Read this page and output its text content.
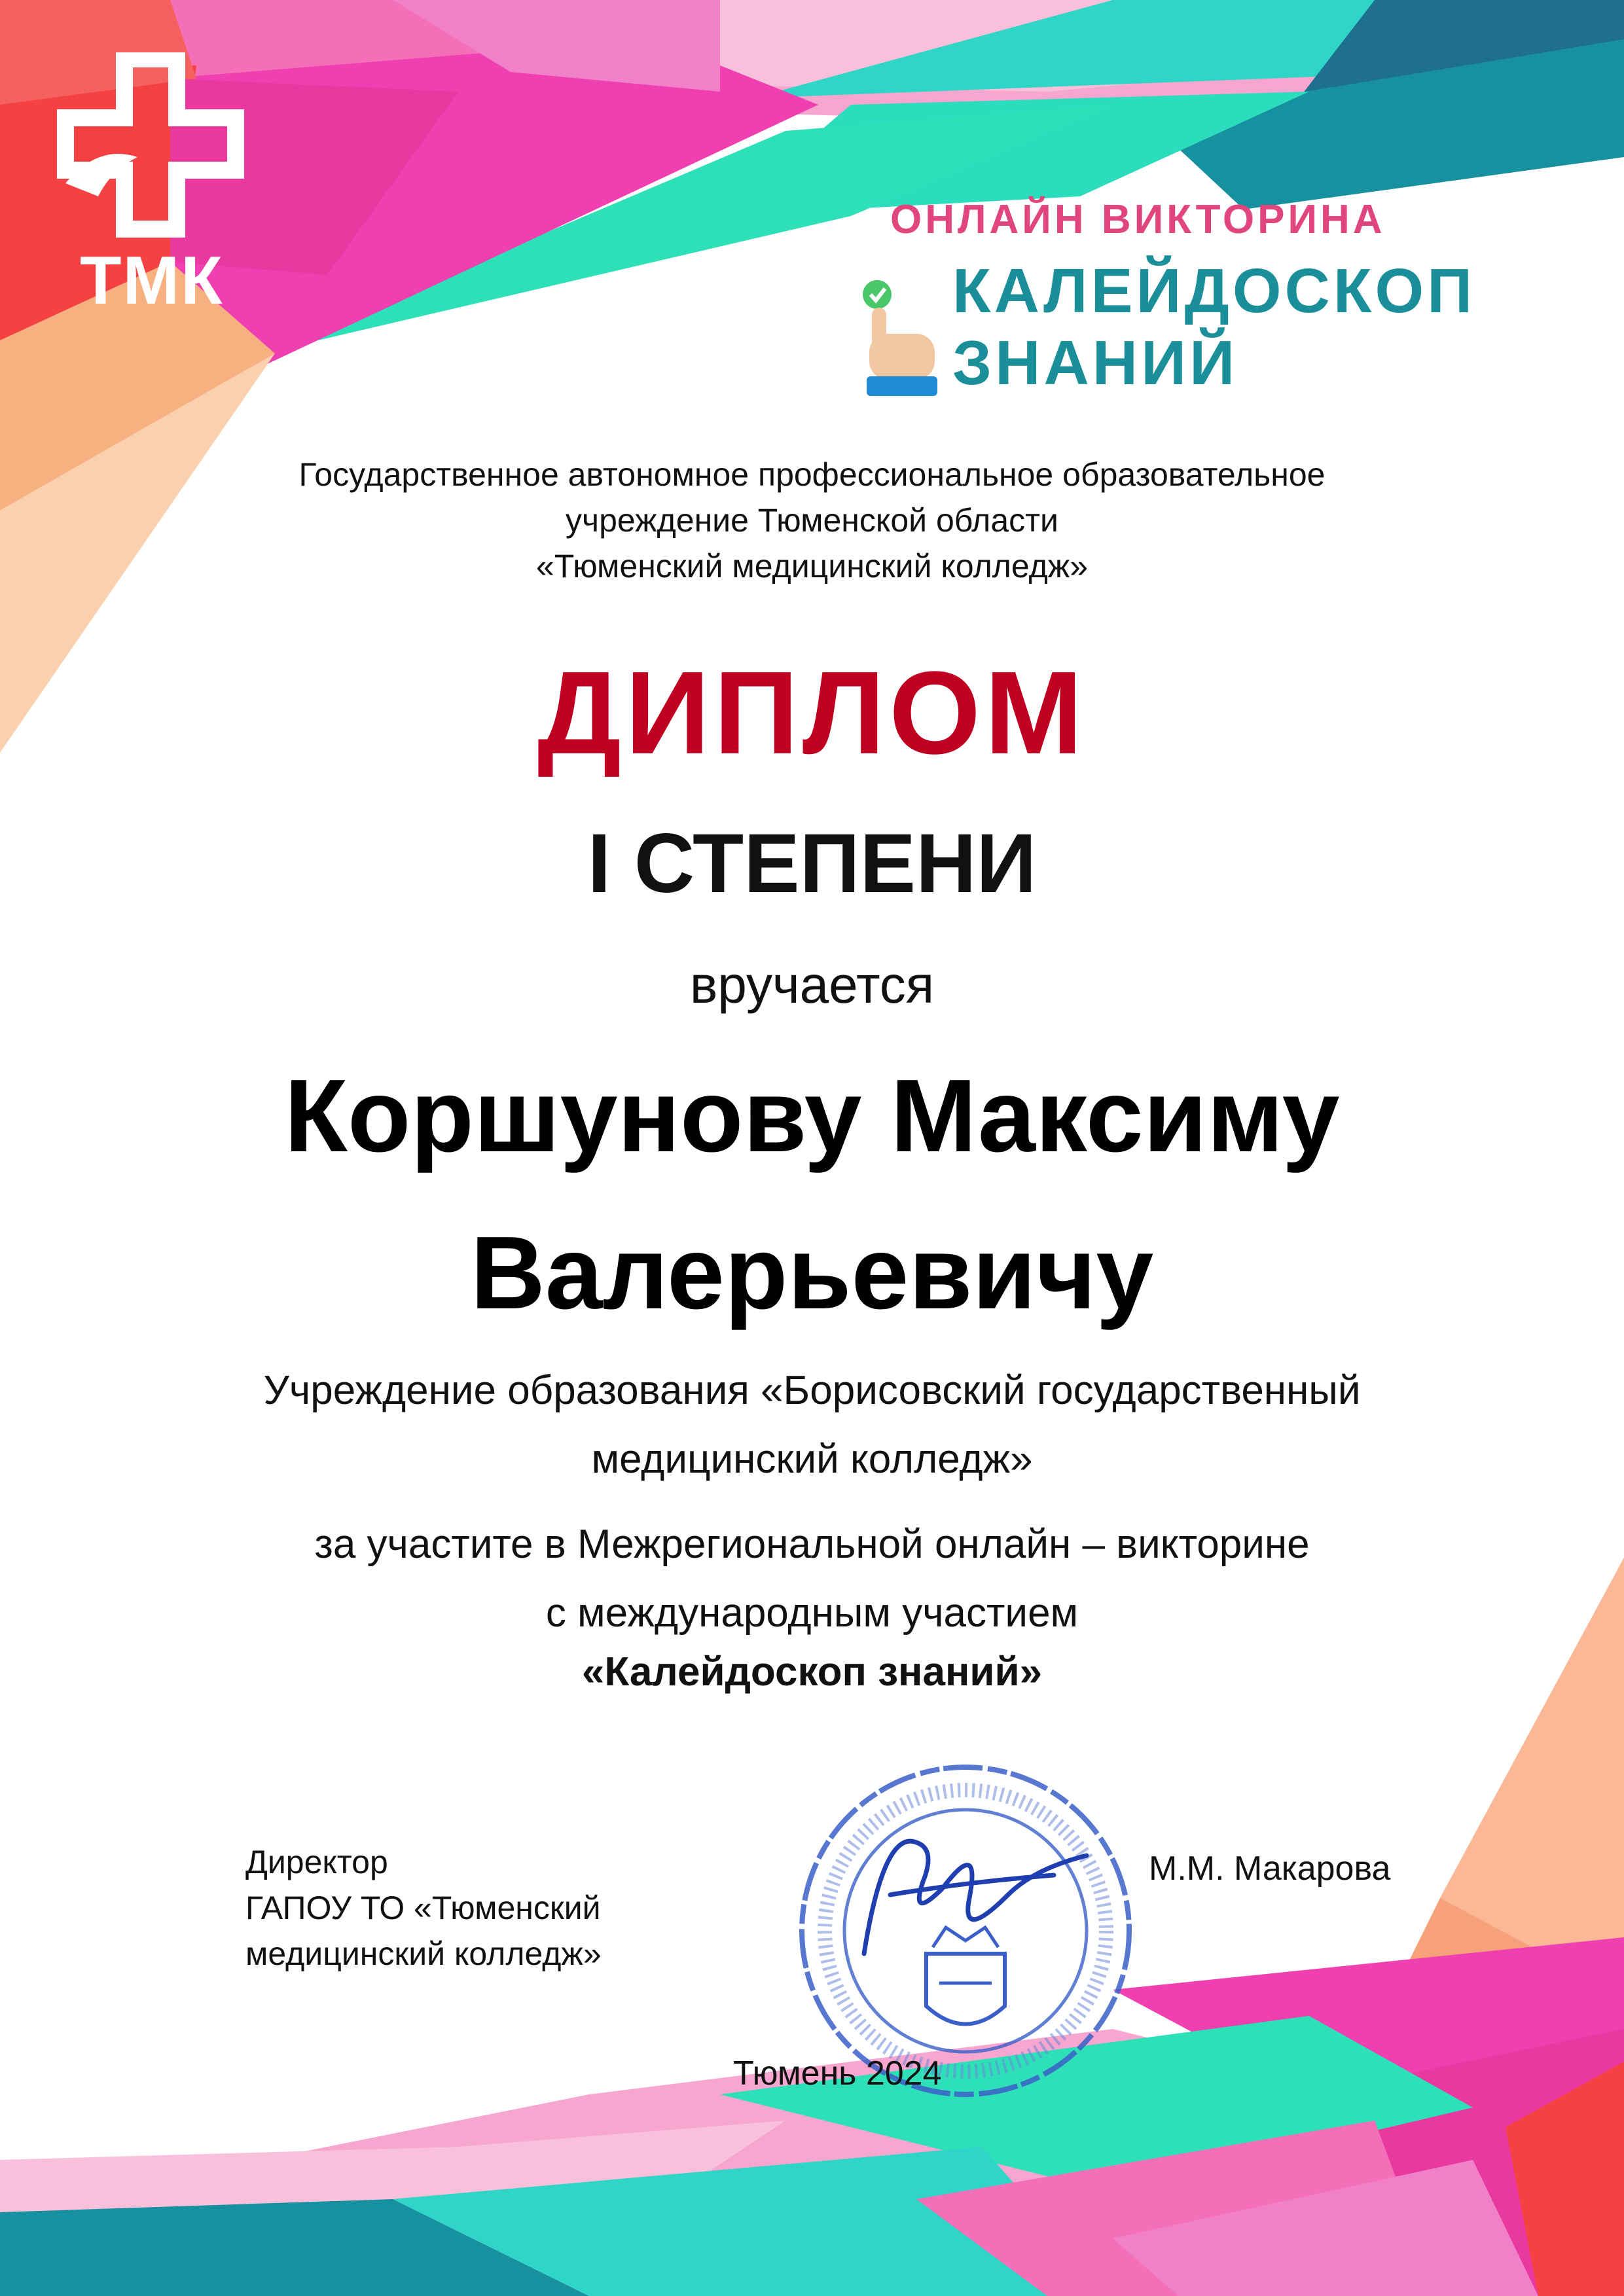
ТМК
ОНЛАЙН ВИКТОРИНА
КАЛЕЙДОСКОП
ЗНАНИЙ
Государственное автономное профессиональное образовательное
учреждение Тюменской области
«Тюменский медицинский колледж»
ДИПЛОМ
I СТЕПЕНИ
вручается
Коршунову Максиму
Валерьевичу
Учреждение образования «Борисовский государственный
медицинский колледж»
за участите в Межрегиональной онлайн – викторине
с международным участием
«Калейдоскоп знаний»
Директор
ГАПОУ ТО «Тюменский
медицинский колледж»
М.М. Макарова
Тюмень 2024
